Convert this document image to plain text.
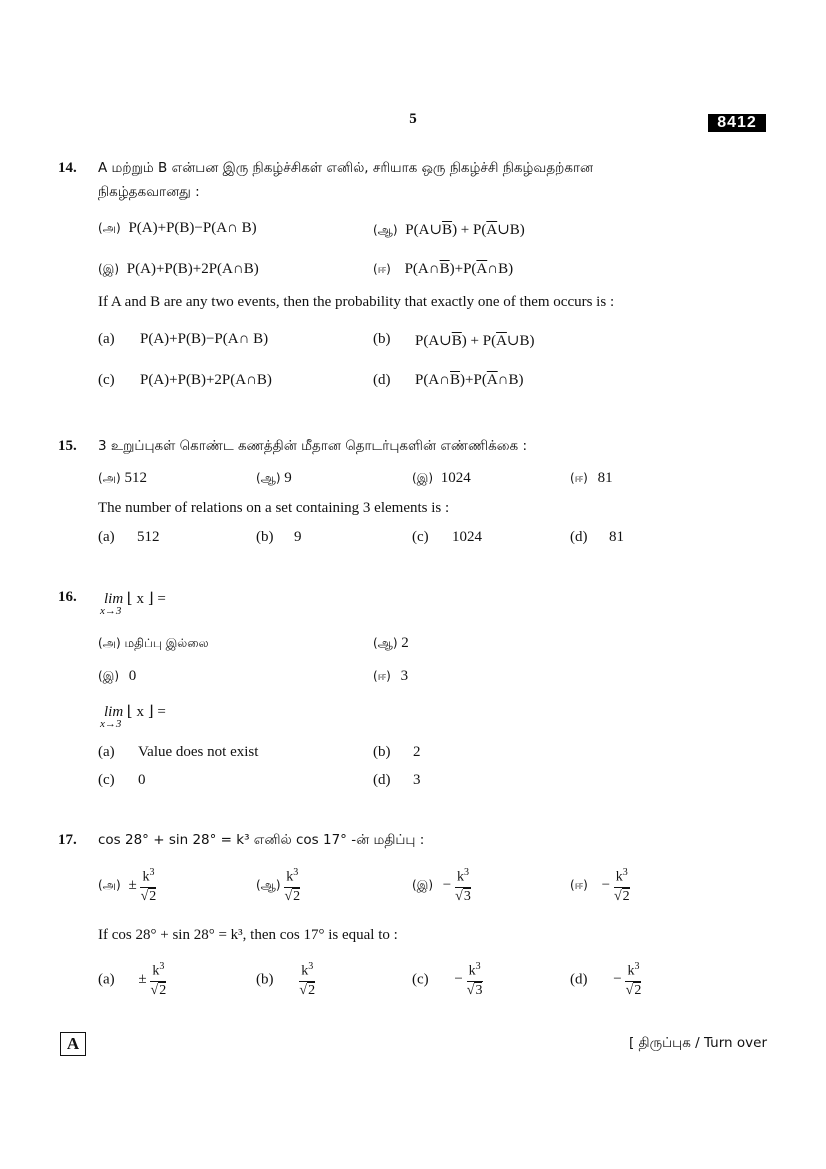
5	8412
14. A மற்றும் B என்பன இரு நிகழ்ச்சிகள் எனில், சரியாக ஒரு நிகழ்ச்சி நிகழ்வதற்கான
நிகழ்தகவானது :
(அ) P(A)+P(B)−P(A∩ B)	(ஆ) $P(A\cup\overline{B})$ + $P(\overline{A}\cup B)$
(இ) P(A)+P(B)+2P(A∩B)	(ஈ) $P(A\cap\overline{B})+P(\overline{A}\cap B)$
If A and B are any two events, then the probability that exactly one of them occurs is :
(a) P(A)+P(B)−P(A∩ B)	(b) $P(A\cup\overline{B})$ + $P(\overline{A}\cup B)$
(c) P(A)+P(B)+2P(A∩B)	(d) $P(A\cap\overline{B})+P(\overline{A}\cap B)$
15. 3 உறுப்புகள் கொண்ட கணத்தின் மீதான தொடர்புகளின் எண்ணிக்கை :
(அ) 512	(ஆ) 9	(இ) 1024	(ஈ) 81
The number of relations on a set containing 3 elements is :
(a) 512	(b) 9	(c) 1024	(d) 81
16. lim ⌊ x ⌋ =
x→3
(அ) மதிப்பு இல்லை	(ஆ) 2
(இ) 0	(ஈ) 3
lim ⌊ x ⌋ =
x→3
(a) Value does not exist	(b) 2
(c) 0	(d) 3
17. cos 28° + sin 28° = k³ எனில் cos 17° -ன் மதிப்பு :
(அ) ± $\frac{k^3}{√2}$	(ஆ) $\frac{k^3}{√2}$	(இ) − $\frac{k^3}{√3}$	(ஈ) − $\frac{k^3}{√2}$
If cos 28° + sin 28° = k³, then cos 17° is equal to :
$(a) \pm \frac{k^3}{√2}$	$(b) \frac{k^3}{√2}$	$(c) - \frac{k^3}{√3}$	$(d) - \frac{k^3}{√2}$
A	[ திருப்புக / Turn over
